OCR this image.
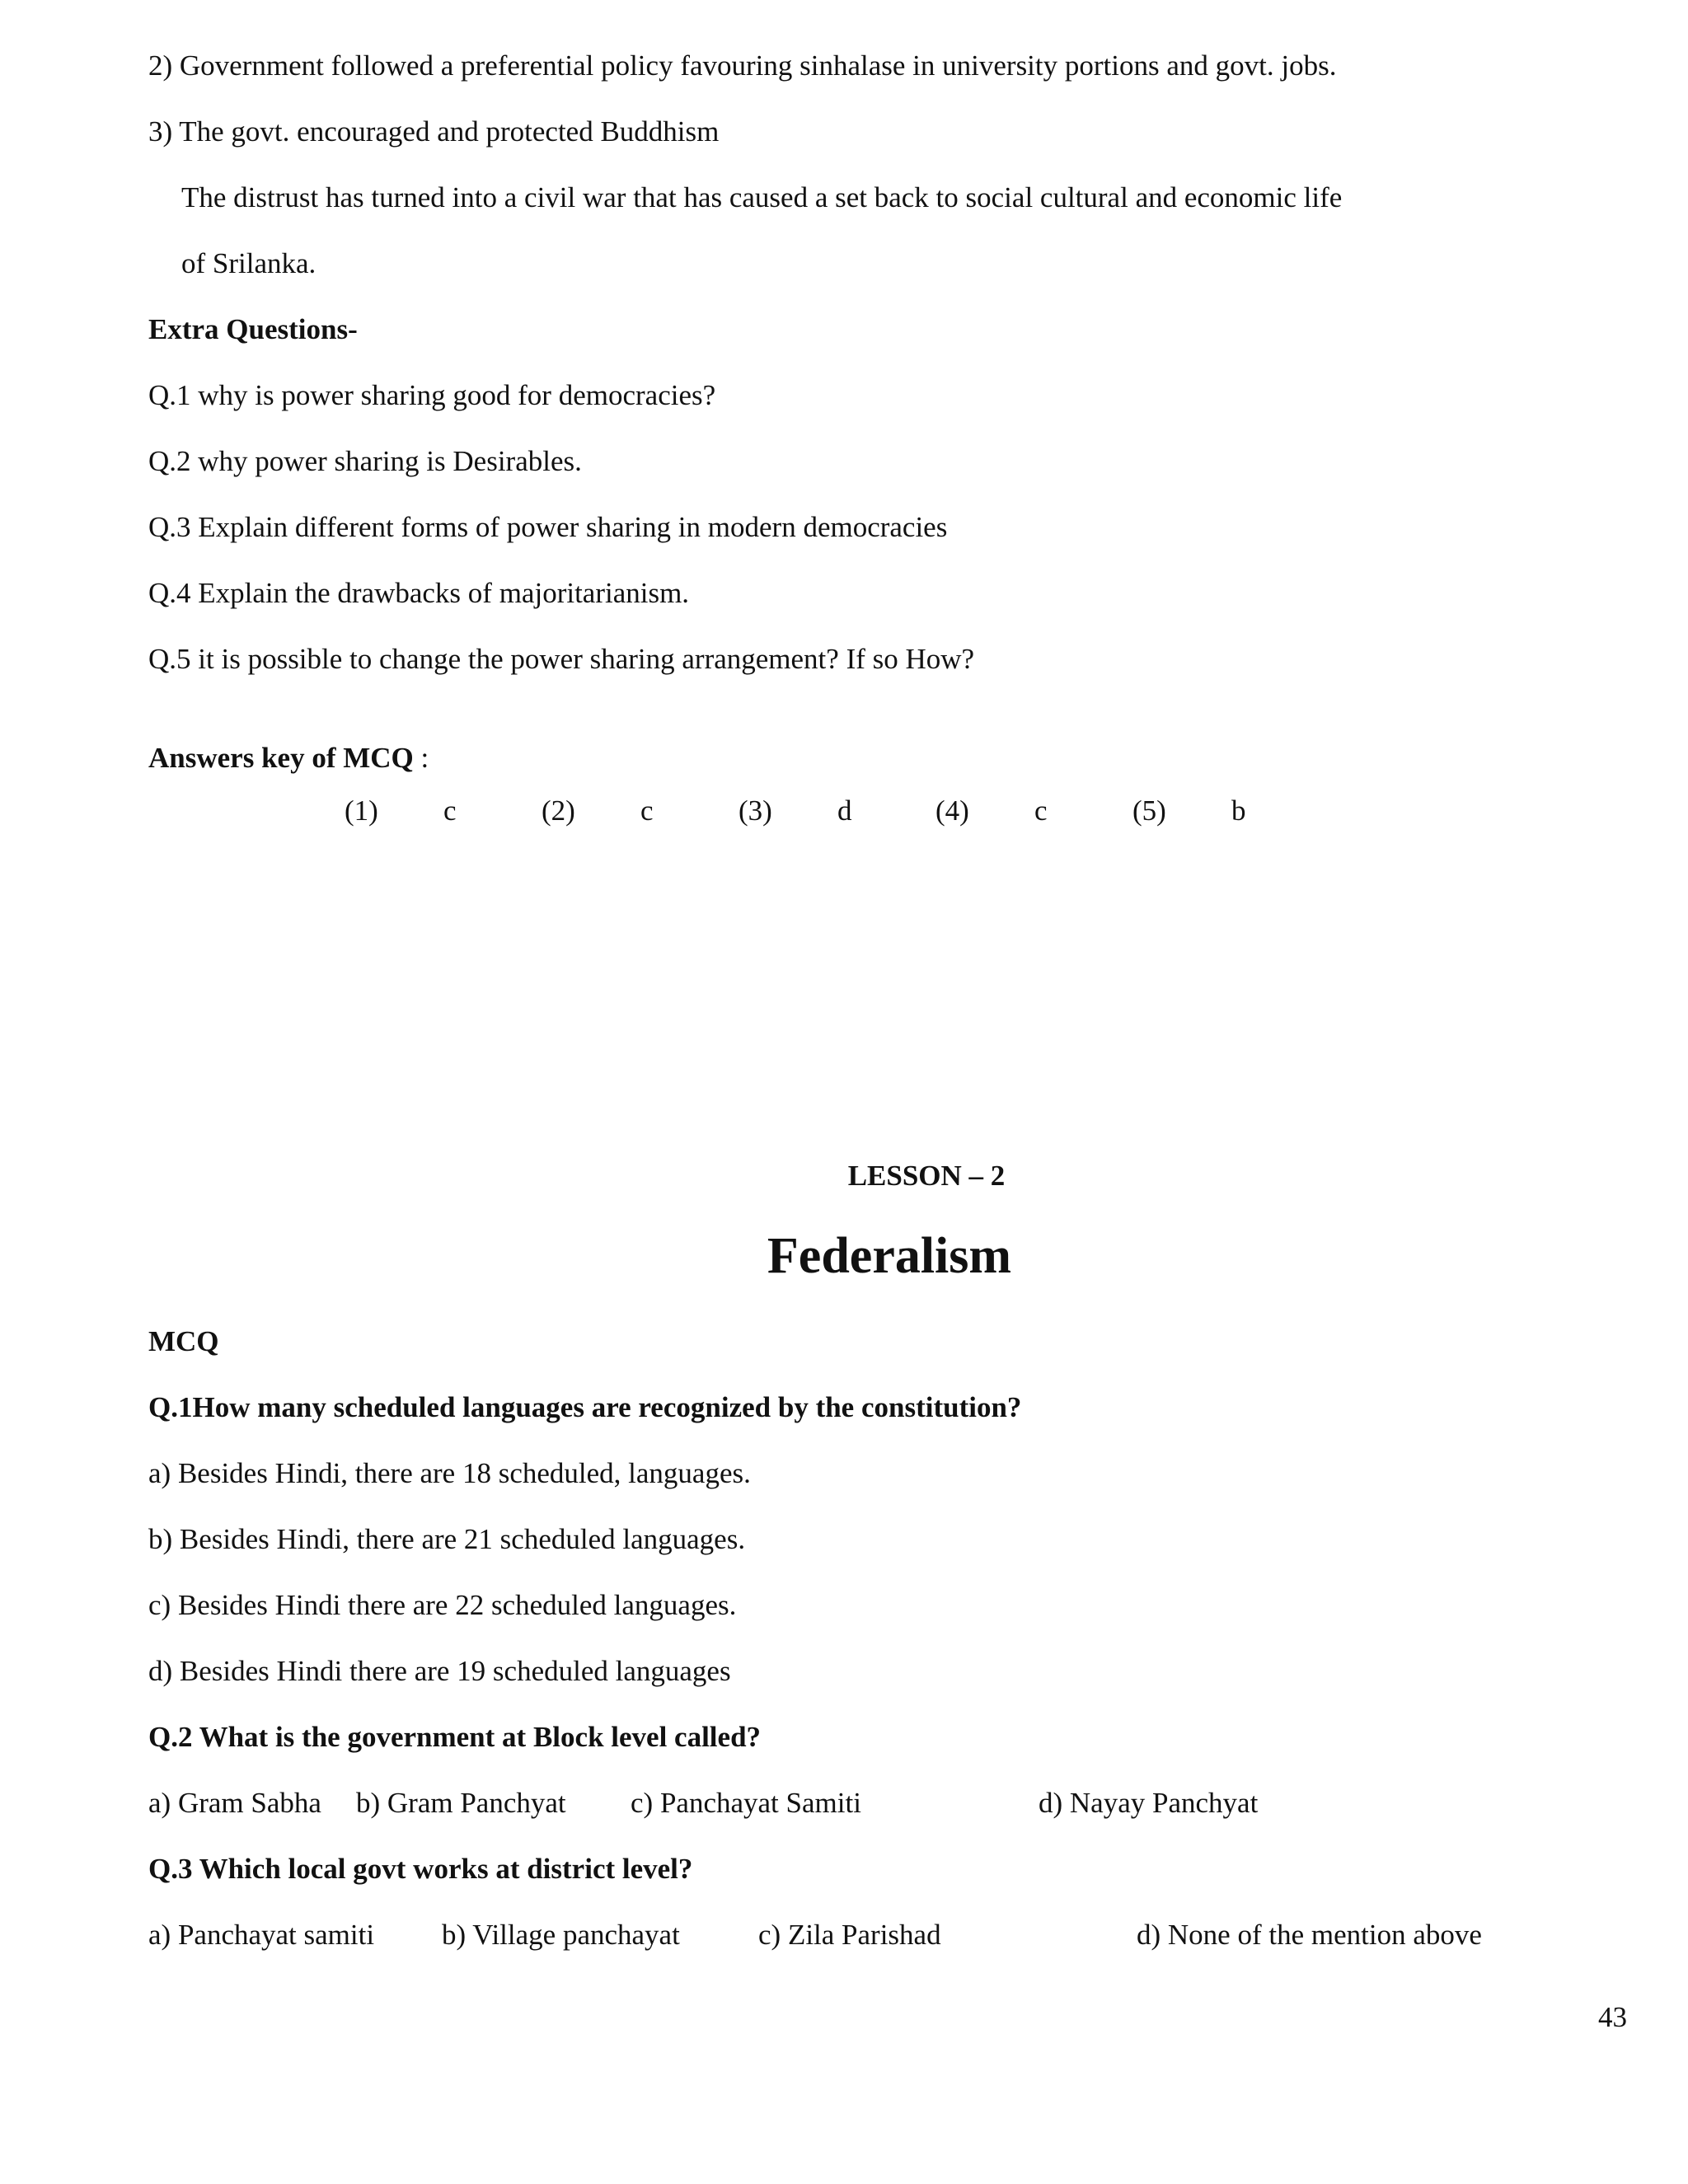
2) Government followed a preferential policy favouring sinhalase in university portions and govt. jobs.
3) The govt. encouraged and protected Buddhism
The distrust has turned into a civil war that has caused a set back to social cultural and economic life
of Srilanka.
Extra Questions-
Q.1 why is power sharing good for democracies?
Q.2 why power sharing is Desirables.
Q.3 Explain different forms of power sharing in modern democracies
Q.4 Explain the drawbacks of majoritarianism.
Q.5 it is possible to change the power sharing arrangement? If so How?
Answers key of MCQ :
(1) c	(2) c	(3) d	(4) c	(5) b
LESSON – 2
Federalism
MCQ
Q.1How many scheduled languages are recognized by the constitution?
a) Besides Hindi, there are 18 scheduled, languages.
b) Besides Hindi, there are 21 scheduled languages.
c) Besides Hindi there are 22 scheduled languages.
d) Besides Hindi there are 19 scheduled languages
Q.2 What is the government at Block level called?
a) Gram Sabha b) Gram Panchyat c) Panchayat Samiti	d) Nayay Panchyat
Q.3 Which local govt works at district level?
a) Panchayat samiti b) Village panchayat	c) Zila Parishad	d) None of the mention above
43
